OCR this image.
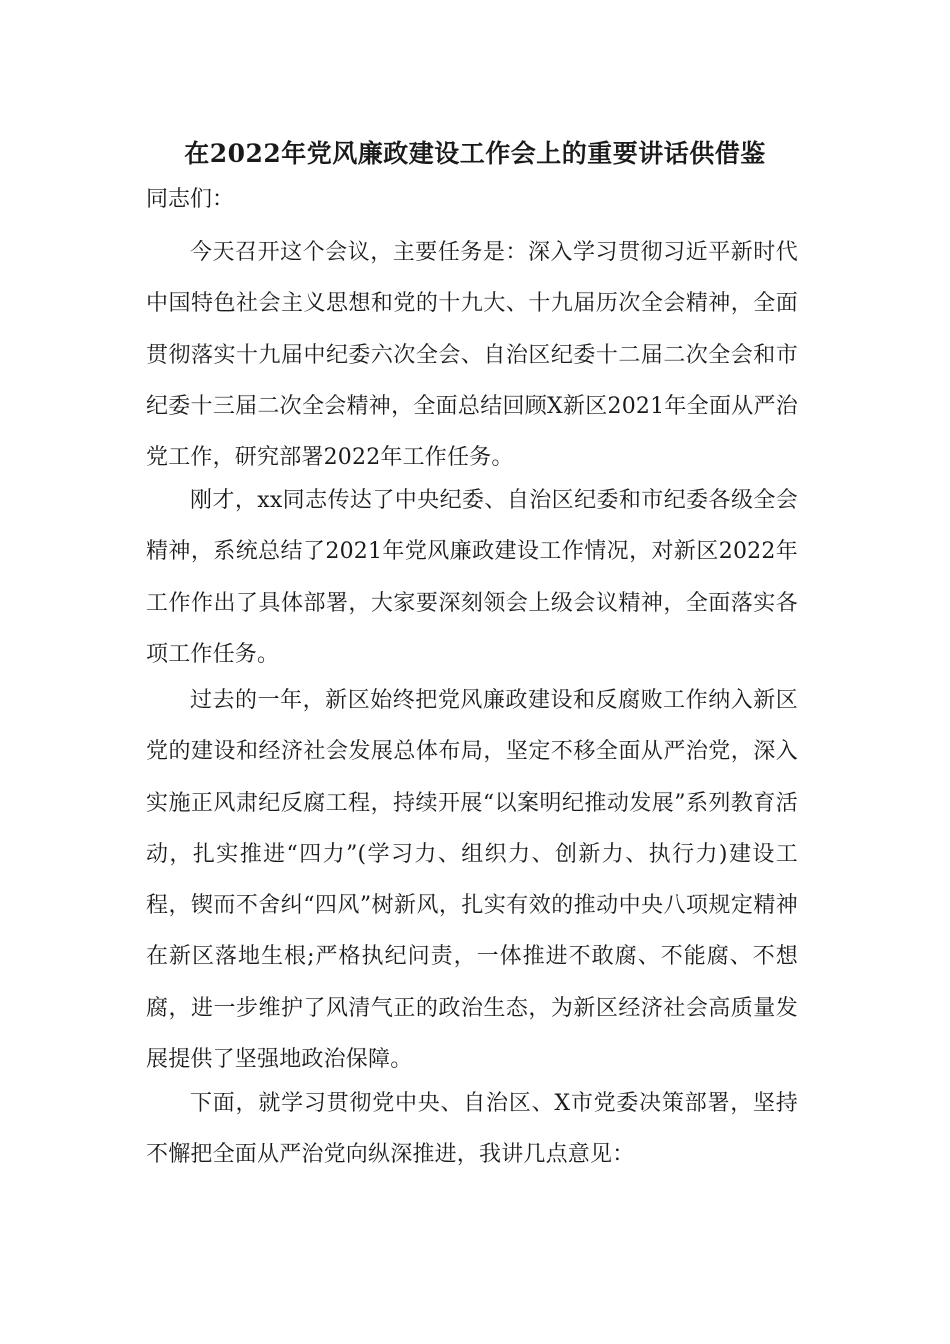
在2022年党风廉政建设工作会上的重要讲话供借鉴
同志们：

今天召开这个会议，主要任务是：深入学习贯彻习近平新时代中国特色社会主义思想和党的十九大、十九届历次全会精神，全面贯彻落实十九届中纪委六次全会、自治区纪委十二届二次全会和市纪委十三届二次全会精神，全面总结回顾X新区2021年全面从严治党工作，研究部署2022年工作任务。

刚才，xx同志传达了中央纪委、自治区纪委和市纪委各级全会精神，系统总结了2021年党风廉政建设工作情况，对新区2022年工作作出了具体部署，大家要深刻领会上级会议精神，全面落实各项工作任务。

过去的一年，新区始终把党风廉政建设和反腐败工作纳入新区党的建设和经济社会发展总体布局，坚定不移全面从严治党，深入实施正风肃纪反腐工程，持续开展“以案明纪推动发展”系列教育活动，扎实推进“四力”(学习力、组织力、创新力、执行力)建设工程，锲而不舍纠“四风”树新风，扎实有效的推动中央八项规定精神在新区落地生根;严格执纪问责，一体推进不敢腐、不能腐、不想腐，进一步维护了风清气正的政治生态，为新区经济社会高质量发展提供了坚强地政治保障。

下面，就学习贯彻党中央、自治区、X市党委决策部署，坚持不懈把全面从严治党向纵深推进，我讲几点意见：
